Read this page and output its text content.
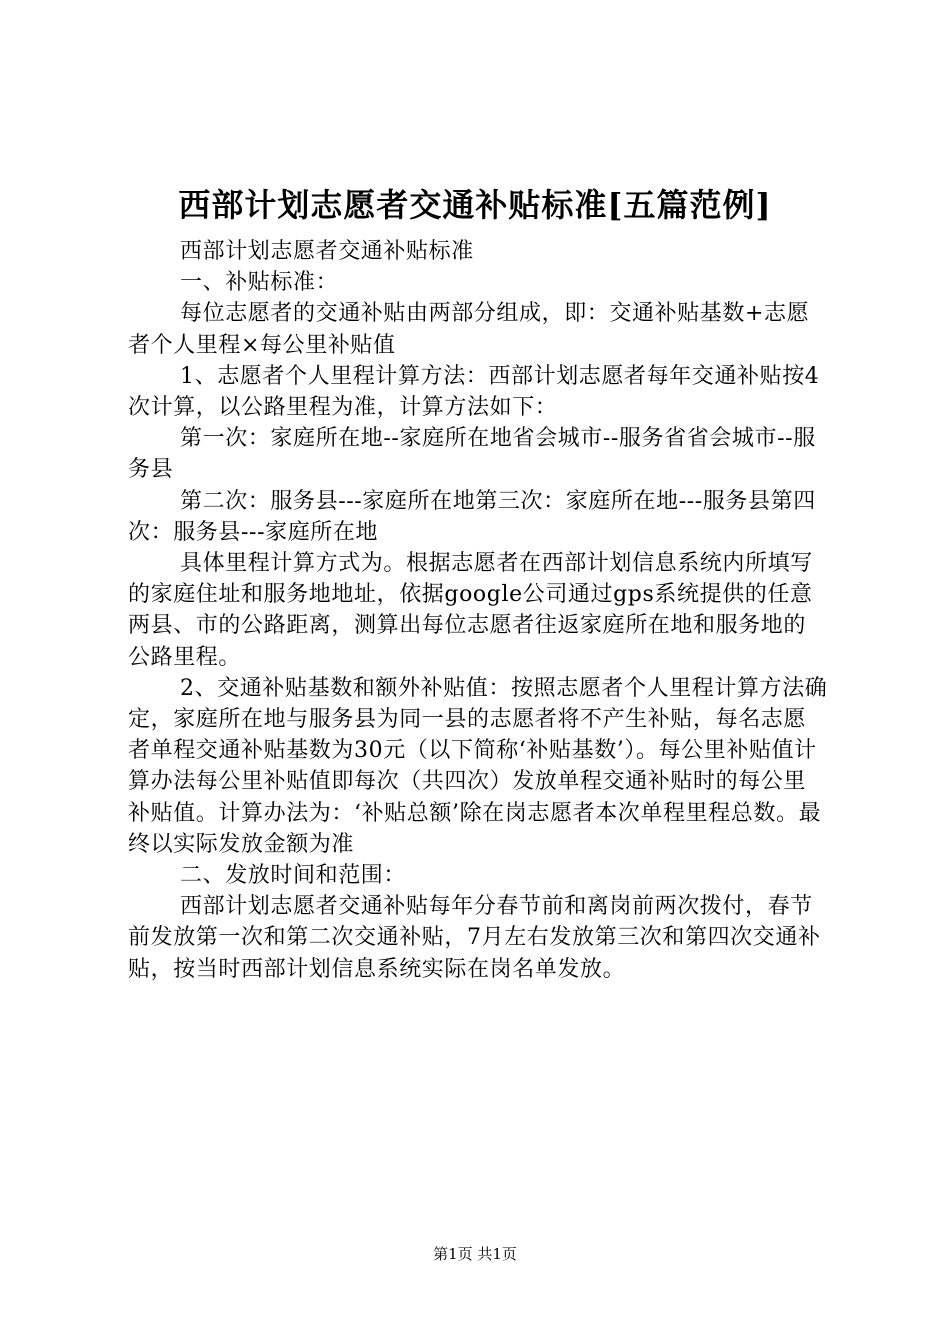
西部计划志愿者交通补贴标准[五篇范例]

西部计划志愿者交通补贴标准

一、补贴标准：

每位志愿者的交通补贴由两部分组成，即：交通补贴基数+志愿者个人里程×每公里补贴值

1、志愿者个人里程计算方法：西部计划志愿者每年交通补贴按4次计算，以公路里程为准，计算方法如下：

第一次：家庭所在地--家庭所在地省会城市--服务省省会城市--服务县

第二次：服务县---家庭所在地第三次：家庭所在地---服务县第四次：服务县---家庭所在地

具体里程计算方式为。根据志愿者在西部计划信息系统内所填写的家庭住址和服务地地址，依据google公司通过gps系统提供的任意两县、市的公路距离，测算出每位志愿者往返家庭所在地和服务地的公路里程。

2、交通补贴基数和额外补贴值：按照志愿者个人里程计算方法确定，家庭所在地与服务县为同一县的志愿者将不产生补贴，每名志愿者单程交通补贴基数为30元（以下简称‘补贴基数’）。每公里补贴值计算办法每公里补贴值即每次（共四次）发放单程交通补贴时的每公里补贴值。计算办法为：‘补贴总额’除在岗志愿者本次单程里程总数。最终以实际发放金额为准

二、发放时间和范围：

西部计划志愿者交通补贴每年分春节前和离岗前两次拨付，春节前发放第一次和第二次交通补贴，7月左右发放第三次和第四次交通补贴，按当时西部计划信息系统实际在岗名单发放。

第1页 共1页
